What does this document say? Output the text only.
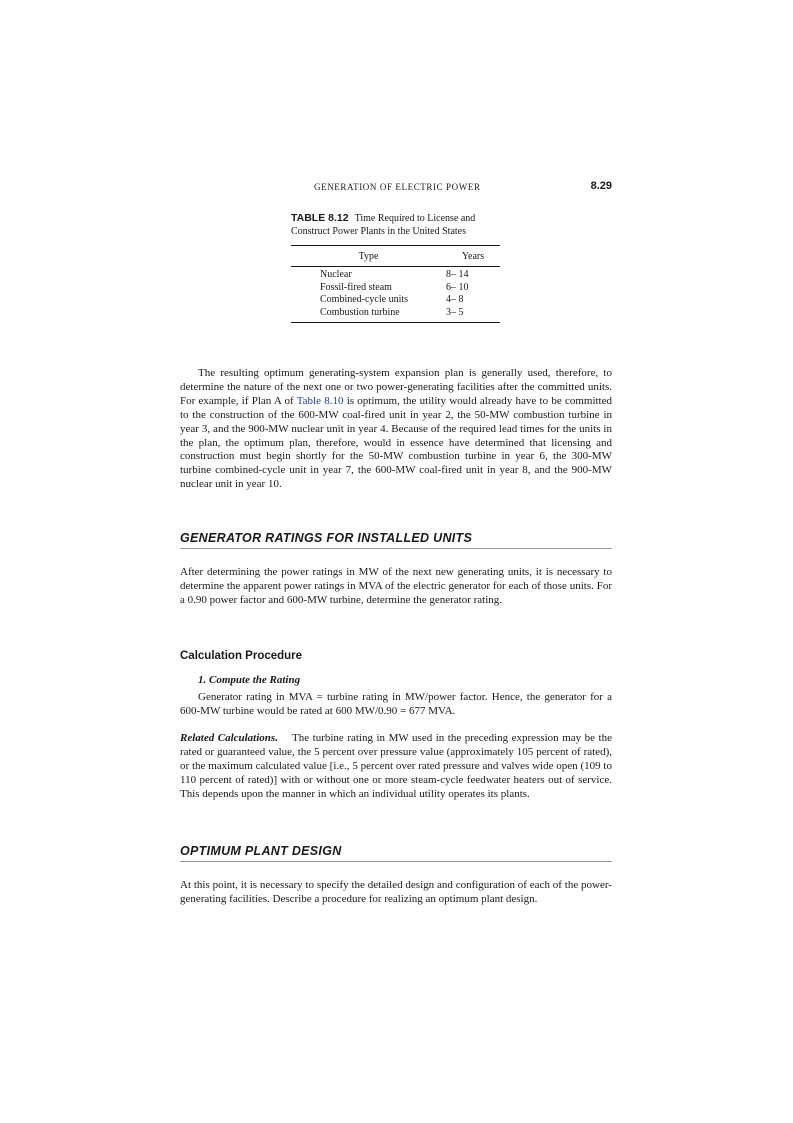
GENERATION OF ELECTRIC POWER	8.29
TABLE 8.12 Time Required to License and Construct Power Plants in the United States
Type	Years
Nuclear	8– 14
Fossil-fired steam	6– 10
Combined-cycle units	4– 8
Combustion turbine	3– 5

The resulting optimum generating-system expansion plan is generally used, therefore, to determine the nature of the next one or two power-generating facilities after the committed units. For example, if Plan A of Table 8.10 is optimum, the utility would already have to be committed to the construction of the 600-MW coal-fired unit in year 2, the 50-MW combustion turbine in year 3, and the 900-MW nuclear unit in year 4. Because of the required lead times for the units in the plan, the optimum plan, therefore, would in essence have determined that licensing and construction must begin shortly for the 50-MW combustion turbine in year 6, the 300-MW turbine combined-cycle unit in year 7, the 600-MW coal-fired unit in year 8, and the 900-MW nuclear unit in year 10.

GENERATOR RATINGS FOR INSTALLED UNITS

After determining the power ratings in MW of the next new generating units, it is necessary to determine the apparent power ratings in MVA of the electric generator for each of those units. For a 0.90 power factor and 600-MW turbine, determine the generator rating.

Calculation Procedure
1. Compute the Rating

Generator rating in MVA = turbine rating in MW/power factor. Hence, the generator for a 600-MW turbine would be rated at 600 MW/0.90 = 677 MVA.

Related Calculations. The turbine rating in MW used in the preceding expression may be the rated or guaranteed value, the 5 percent over pressure value (approximately 105 percent of rated), or the maximum calculated value [i.e., 5 percent over rated pressure and valves wide open (109 to 110 percent of rated)] with or without one or more steam-cycle feedwater heaters out of service. This depends upon the manner in which an individual utility operates its plants.

OPTIMUM PLANT DESIGN

At this point, it is necessary to specify the detailed design and configuration of each of the power-generating facilities. Describe a procedure for realizing an optimum plant design.
